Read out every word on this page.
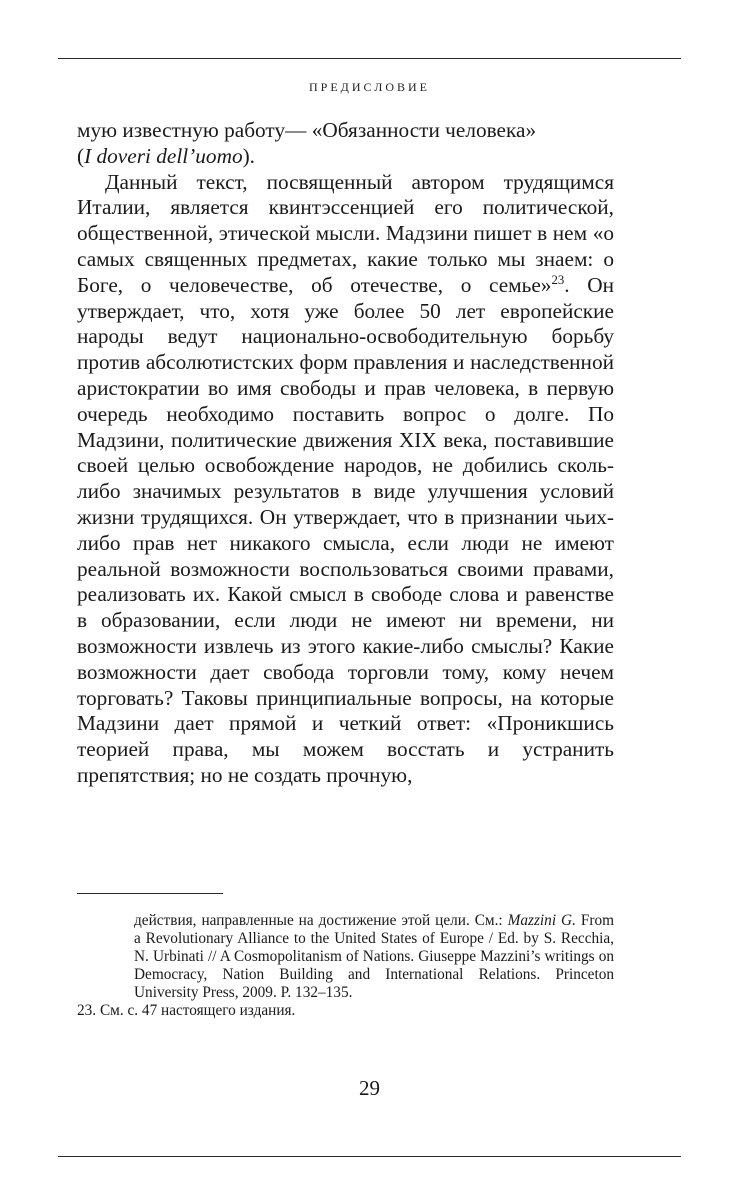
ПРЕДИСЛОВИЕ

мую известную работу— «Обязанности человека»
(I doveri dell’uomo).

Данный текст, посвященный автором трудящимся Италии, является квинтэссенцией его политической, общественной, этической мысли. Мадзини пишет в нем «о самых священных предметах, какие только мы знаем: о Боге, о человечестве, об отечестве, о семье»$^{23}$. Он утверждает, что, хотя уже более 50 лет европейские народы ведут национально-освободительную борьбу против абсолютистских форм правления и наследственной аристократии во имя свободы и прав человека, в первую очередь необходимо поставить вопрос о долге. По Мадзини, политические движения XIX века, поставившие своей целью освобождение народов, не добились сколь-либо значимых результатов в виде улучшения условий жизни трудящихся. Он утверждает, что в признании чьих-либо прав нет никакого смысла, если люди не имеют реальной возможности воспользоваться своими правами, реализовать их. Какой смысл в свободе слова и равенстве в образовании, если люди не имеют ни времени, ни возможности извлечь из этого какие-либо смыслы? Какие возможности дает свобода торговли тому, кому нечем торговать? Таковы принципиальные вопросы, на которые Мадзини дает прямой и четкий ответ: «Проникшись теорией права, мы можем восстать и устранить препятствия; но не создать прочную,

действия, направленные на достижение этой цели. См.: Mazzini G. From a Revolutionary Alliance to the United States of Europe / Ed. by S. Recchia, N. Urbinati // A Cosmopolitanism of Nations. Giuseppe Mazzini’s writings on Democracy, Nation Building and International Relations. Princeton University Press, 2009. P. 132–135.

23. См. с. 47 настоящего издания.

29
